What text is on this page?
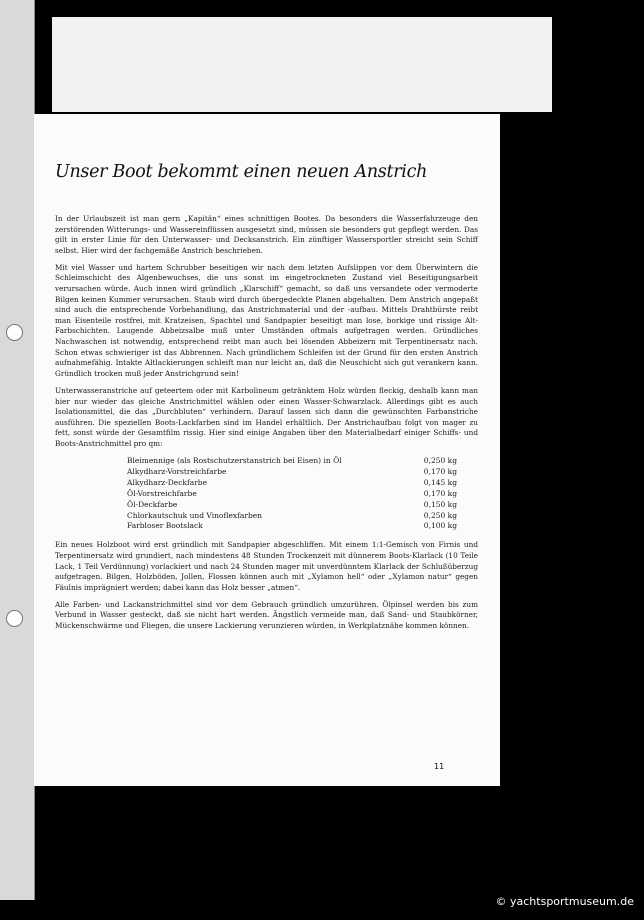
Unser Boot bekommt einen neuen Anstrich

In der Urlaubszeit ist man gern „Kapitän“ eines schnittigen Bootes. Da besonders die Wasserfahrzeuge den zerstörenden Witterungs- und Wassereinflüssen ausgesetzt sind, müssen sie besonders gut gepflegt werden. Das gilt in erster Linie für den Unterwasser- und Decksanstrich. Ein zünftiger Wassersportler streicht sein Schiff selbst. Hier wird der fachgemäße Anstrich beschrieben.

Mit viel Wasser und hartem Schrubber beseitigen wir nach dem letzten Aufslippen vor dem Überwintern die Schleimschicht des Algenbewuchses, die uns sonst im eingetrockneten Zustand viel Beseitigungsarbeit verursachen würde. Auch innen wird gründlich „Klarschiff“ gemacht, so daß uns versandete oder vermoderte Bilgen keinen Kummer verursachen. Staub wird durch übergedeckte Planen abgehalten. Dem Anstrich angepaßt sind auch die entsprechende Vorbehandlung, das Anstrichmaterial und der -aufbau. Mittels Drahtbürste reibt man Eisenteile rostfrei, mit Kratzeisen, Spachtel und Sandpapier beseitigt man lose, borkige und rissige Alt-Farbschichten. Laugende Abbeizsalbe muß unter Umständen oftmals aufgetragen werden. Gründliches Nachwaschen ist notwendig, entsprechend reibt man auch bei lösenden Abbeizern mit Terpentinersatz nach. Schon etwas schwieriger ist das Abbrennen. Nach gründlichem Schleifen ist der Grund für den ersten Anstrich aufnahmefähig. Intakte Altlackierungen schleift man nur leicht an, daß die Neuschicht sich gut verankern kann. Gründlich trocken muß jeder Anstrichgrund sein!

Unterwasseranstriche auf geteertem oder mit Karbolineum getränktem Holz würden fleckig, deshalb kann man hier nur wieder das gleiche Anstrichmittel wählen oder einen Wasser-Schwarzlack. Allerdings gibt es auch Isolationsmittel, die das „Durchbluten“ verhindern. Darauf lassen sich dann die gewünschten Farbanstriche ausführen. Die speziellen Boots-Lackfarben sind im Handel erhältlich. Der Anstrichaufbau folgt von mager zu fett, sonst würde der Gesamtfilm rissig. Hier sind einige Angaben über den Materialbedarf einiger Schiffs- und Boots-Anstrichmittel pro qm:

Bleimennige (als Rostschutzerstanstrich bei Eisen) in Öl	0,250 kg
Alkydharz-Vorstreichfarbe	0,170 kg
Alkydharz-Deckfarbe	0,145 kg
Öl-Vorstreichfarbe	0,170 kg
Öl-Deckfarbe	0,150 kg
Chlorkautschuk und Vinoflexfarben	0,250 kg
Farbloser Bootslack	0,100 kg

Ein neues Holzboot wird erst gründlich mit Sandpapier abgeschliffen. Mit einem 1:1-Gemisch von Firnis und Terpentinersatz wird grundiert, nach mindestens 48 Stunden Trockenzeit mit dünnerem Boots-Klarlack (10 Teile Lack, 1 Teil Verdünnung) vorlackiert und nach 24 Stunden mager mit unverdünntem Klarlack der Schlußüberzug aufgetragen. Bilgen, Holzböden, Jollen, Flossen können auch mit „Xylamon hell“ oder „Xylamon natur“ gegen Fäulnis imprägniert werden; dabei kann das Holz besser „atmen“.

Alle Farben- und Lackanstrichmittel sind vor dem Gebrauch gründlich umzurühren. Ölpinsel werden bis zum Verbund in Wasser gesteckt, daß sie nicht hart werden. Ängstlich vermeide man, daß Sand- und Staubkörner, Mückenschwärme und Fliegen, die unsere Lackierung verunzieren würden, in Werkplatznähe kommen können.

11
© yachtsportmuseum.de
